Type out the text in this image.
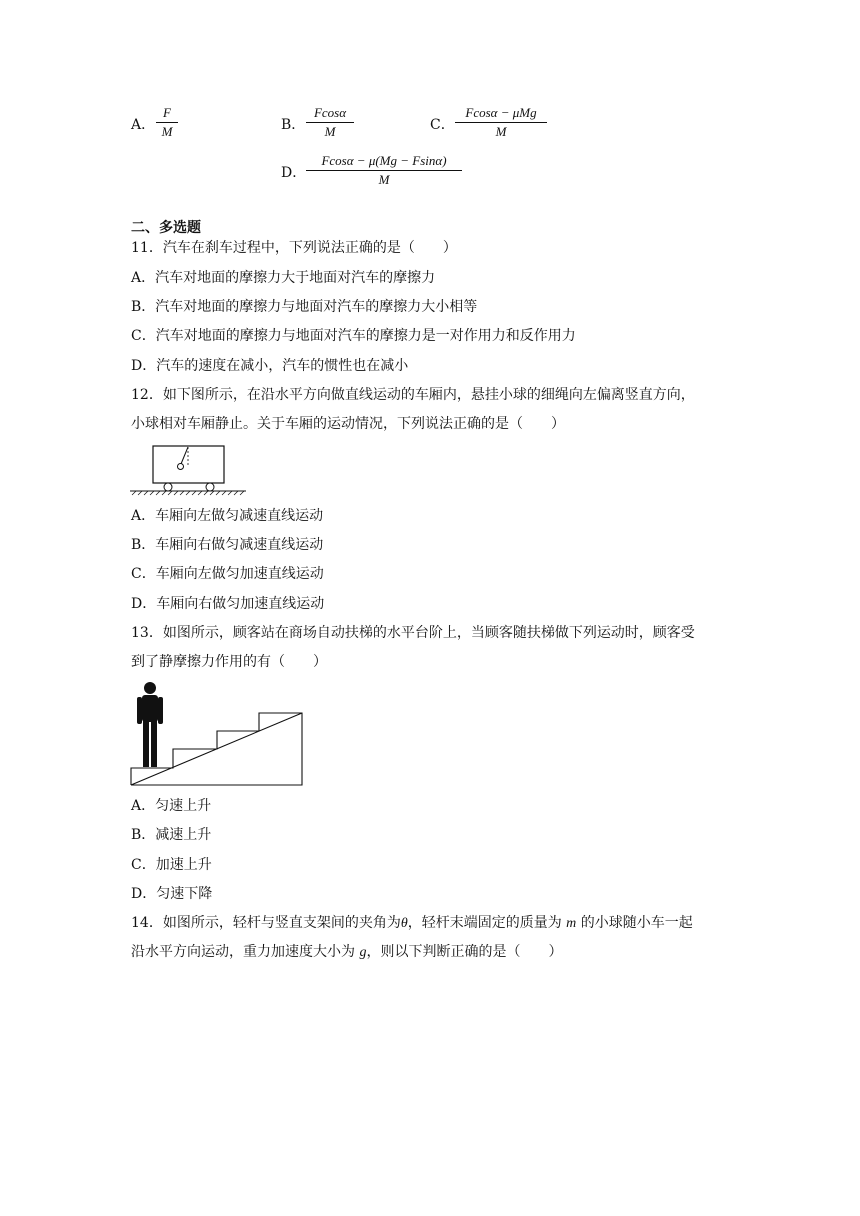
A． $\frac{F}{M}$	B． $\frac{Fcos\alpha}{M}$	C．
Fcosα − μMg
M
D． $\frac{Fcos\alpha - \mu(Mg - Fsin\alpha)}{M}$
二、多选题
11．汽车在刹车过程中，下列说法正确的是（　　）
A．汽车对地面的摩擦力大于地面对汽车的摩擦力
B．汽车对地面的摩擦力与地面对汽车的摩擦力大小相等
C．汽车对地面的摩擦力与地面对汽车的摩擦力是一对作用力和反作用力
D．汽车的速度在减小，汽车的惯性也在减小
12．如下图所示，在沿水平方向做直线运动的车厢内，悬挂小球的细绳向左偏离竖直方向，
小球相对车厢静止。关于车厢的运动情况，下列说法正确的是（　　）
A．车厢向左做匀减速直线运动
B．车厢向右做匀减速直线运动
C．车厢向左做匀加速直线运动
D．车厢向右做匀加速直线运动
13．如图所示，顾客站在商场自动扶梯的水平台阶上，当顾客随扶梯做下列运动时，顾客受
到了静摩擦力作用的有（　　）
A．匀速上升
B．减速上升
C．加速上升
D．匀速下降
14．如图所示，轻杆与竖直支架间的夹角为θ，轻杆末端固定的质量为 m 的小球随小车一起
沿水平方向运动，重力加速度大小为 g，则以下判断正确的是（　　）
